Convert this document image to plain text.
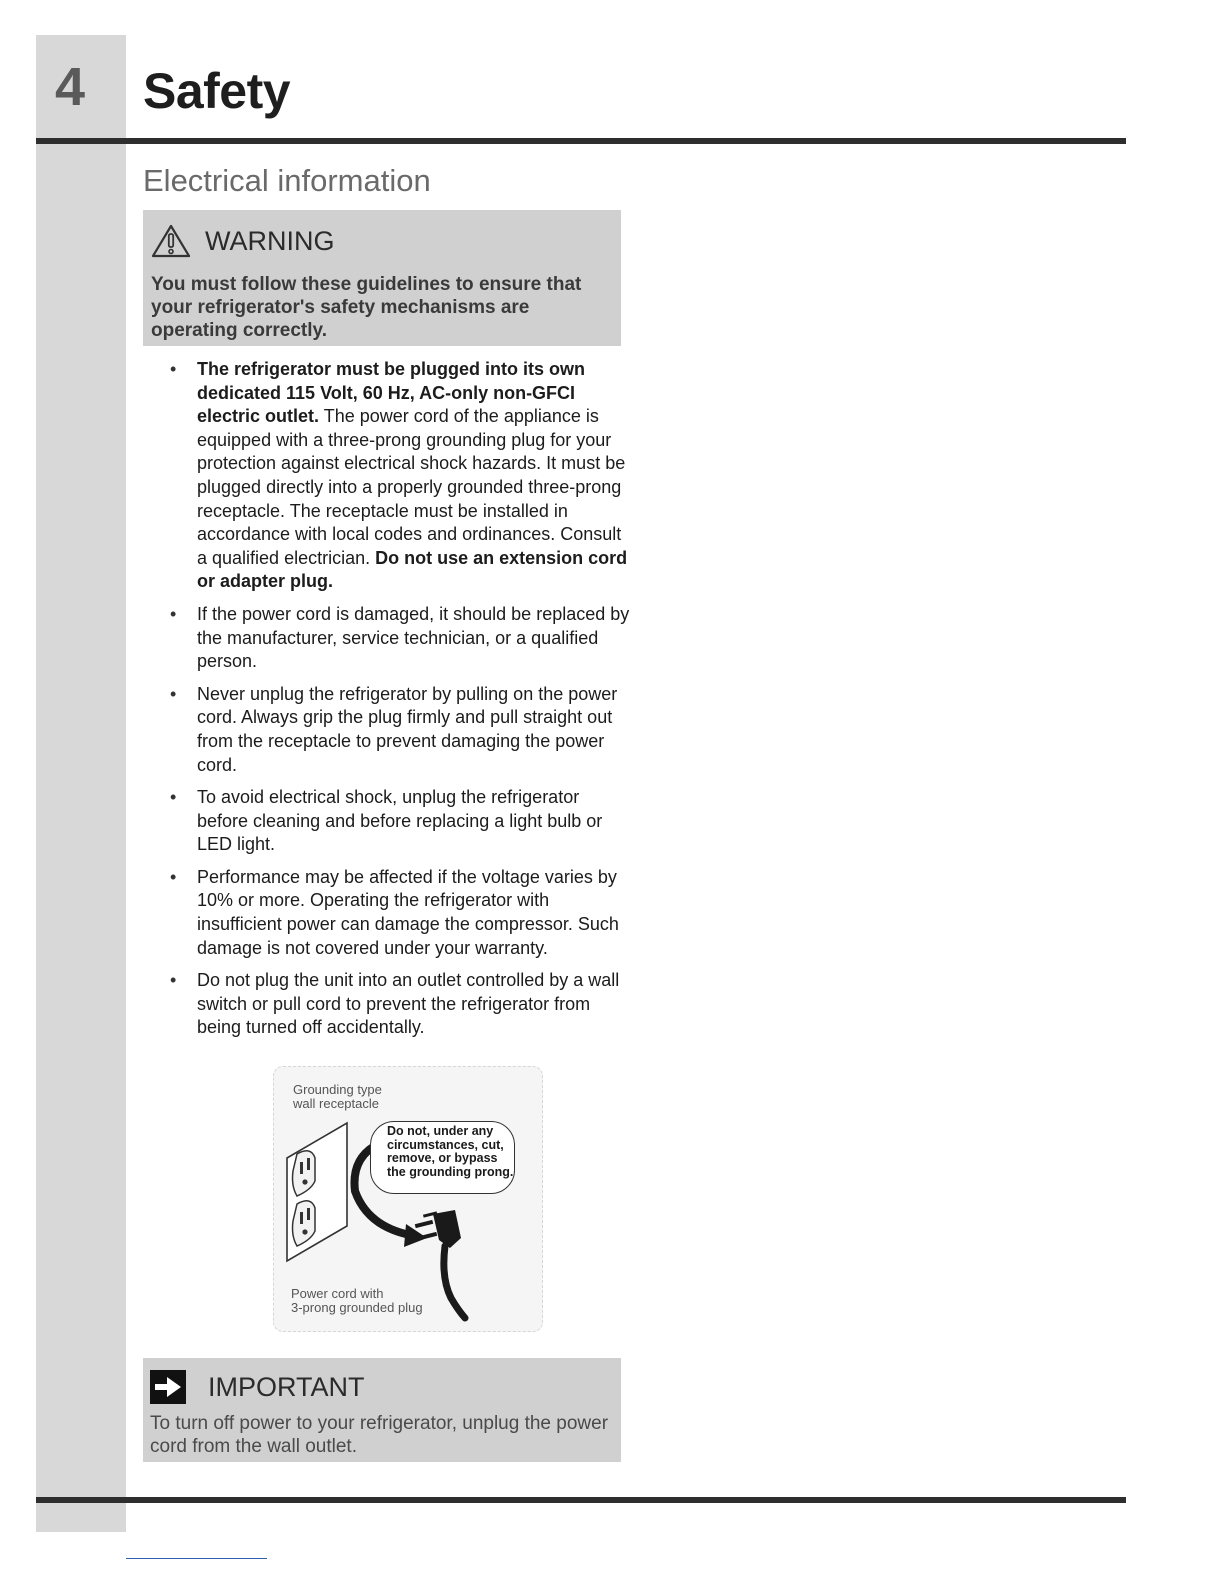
4	Safety
Electrical information
WARNING

You must follow these guidelines to ensure that your refrigerator's safety mechanisms are operating correctly.

• The refrigerator must be plugged into its own dedicated 115 Volt, 60 Hz, AC-only non-GFCI electric outlet. The power cord of the appliance is equipped with a three-prong grounding plug for your protection against electrical shock hazards. It must be plugged directly into a properly grounded three-prong receptacle. The receptacle must be installed in accordance with local codes and ordinances. Consult a qualified electrician. Do not use an extension cord or adapter plug.
• If the power cord is damaged, it should be replaced by the manufacturer, service technician, or a qualified person.
• Never unplug the refrigerator by pulling on the power cord. Always grip the plug firmly and pull straight out from the receptacle to prevent damaging the power cord.
• To avoid electrical shock, unplug the refrigerator before cleaning and before replacing a light bulb or LED light.
• Performance may be affected if the voltage varies by 10% or more. Operating the refrigerator with insufficient power can damage the compressor. Such damage is not covered under your warranty.
• Do not plug the unit into an outlet controlled by a wall switch or pull cord to prevent the refrigerator from being turned off accidentally.
Grounding type
wall receptacle
Do not, under any circumstances, cut, remove, or bypass the grounding prong.
Power cord with
3-prong grounded plug
IMPORTANT

To turn off power to your refrigerator, unplug the power cord from the wall outlet.
